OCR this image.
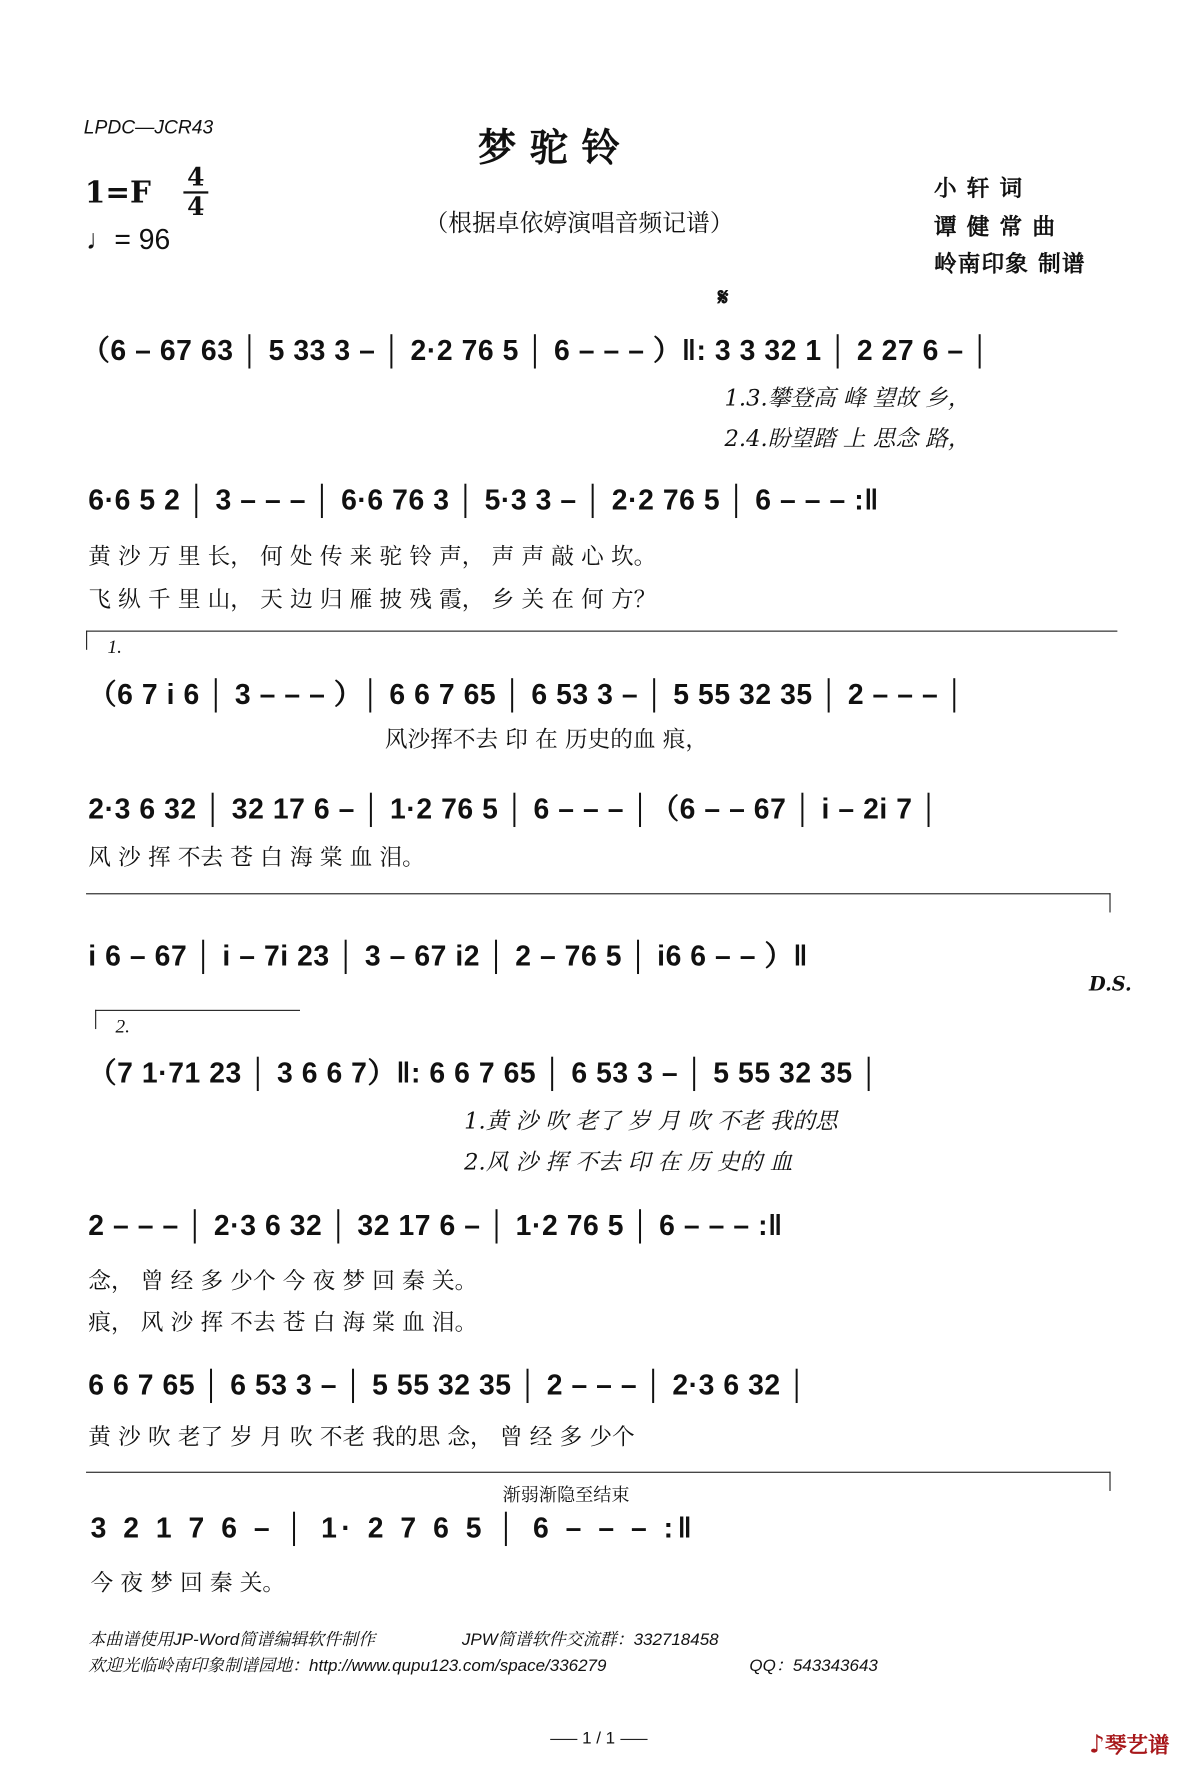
LPDC—JCR43	梦 驼 铃
1=F 4
4
♩= 96
（根据卓依婷演唱音频记谱）
小 轩 词
谭 健 常 曲
岭南印象 制谱
𝄋
（6 – 67 63 │ 5 33 3 – │ 2·2 76 5 │ 6 – – – ）‖: 3 3 32 1 │ 2 27 6 – │
1.3.攀登高 峰 望故 乡，
2.4.盼望踏 上 思念 路，
6·6 5 2 │ 3 – – – │ 6·6 76 3 │ 5·3 3 – │ 2·2 76 5 │ 6 – – – :‖
黄 沙 万 里 长， 何 处 传 来 驼 铃 声， 声 声 敲 心 坎。
飞 纵 千 里 山， 天 边 归 雁 披 残 霞， 乡 关 在 何 方？
1.
（6 7 i 6 │ 3 – – – ）│ 6 6 7 65 │ 6 53 3 – │ 5 55 32 35 │ 2 – – – │
风沙挥不去 印 在 历史的血 痕，
2·3 6 32 │ 32 17 6 – │ 1·2 76 5 │ 6 – – – │（6 – – 67 │ i – 2i 7 │
风 沙 挥 不去 苍 白 海 棠 血 泪。
i 6 – 67 │ i – 7i 23 │ 3 – 67 i2 │ 2 – 76 5 │ i6 6 – – ）‖
D.S.
2.
（7 1·71 23 │ 3 6 6 7）‖: 6 6 7 65 │ 6 53 3 – │ 5 55 32 35 │
1.黄 沙 吹 老了 岁 月 吹 不老 我的思
2.风 沙 挥 不去 印 在 历 史的 血
2 – – – │ 2·3 6 32 │ 32 17 6 – │ 1·2 76 5 │ 6 – – – :‖
念， 曾 经 多 少个 今 夜 梦 回 秦 关。
痕， 风 沙 挥 不去 苍 白 海 棠 血 泪。
6 6 7 65 │ 6 53 3 – │ 5 55 32 35 │ 2 – – – │ 2·3 6 32 │
黄 沙 吹 老了 岁 月 吹 不老 我的思 念， 曾 经 多 少个
渐弱渐隐至结束
3 2 1 7 6 – │ 1· 2 7 6 5 │ 6 – – – :‖
今 夜 梦 回 秦 关。
本曲谱使用JP-Word简谱编辑软件制作	JPW简谱软件交流群：332718458
欢迎光临岭南印象制谱园地：http://www.qupu123.com/space/336279	QQ：543343643
1 / 1	♪琴艺谱
